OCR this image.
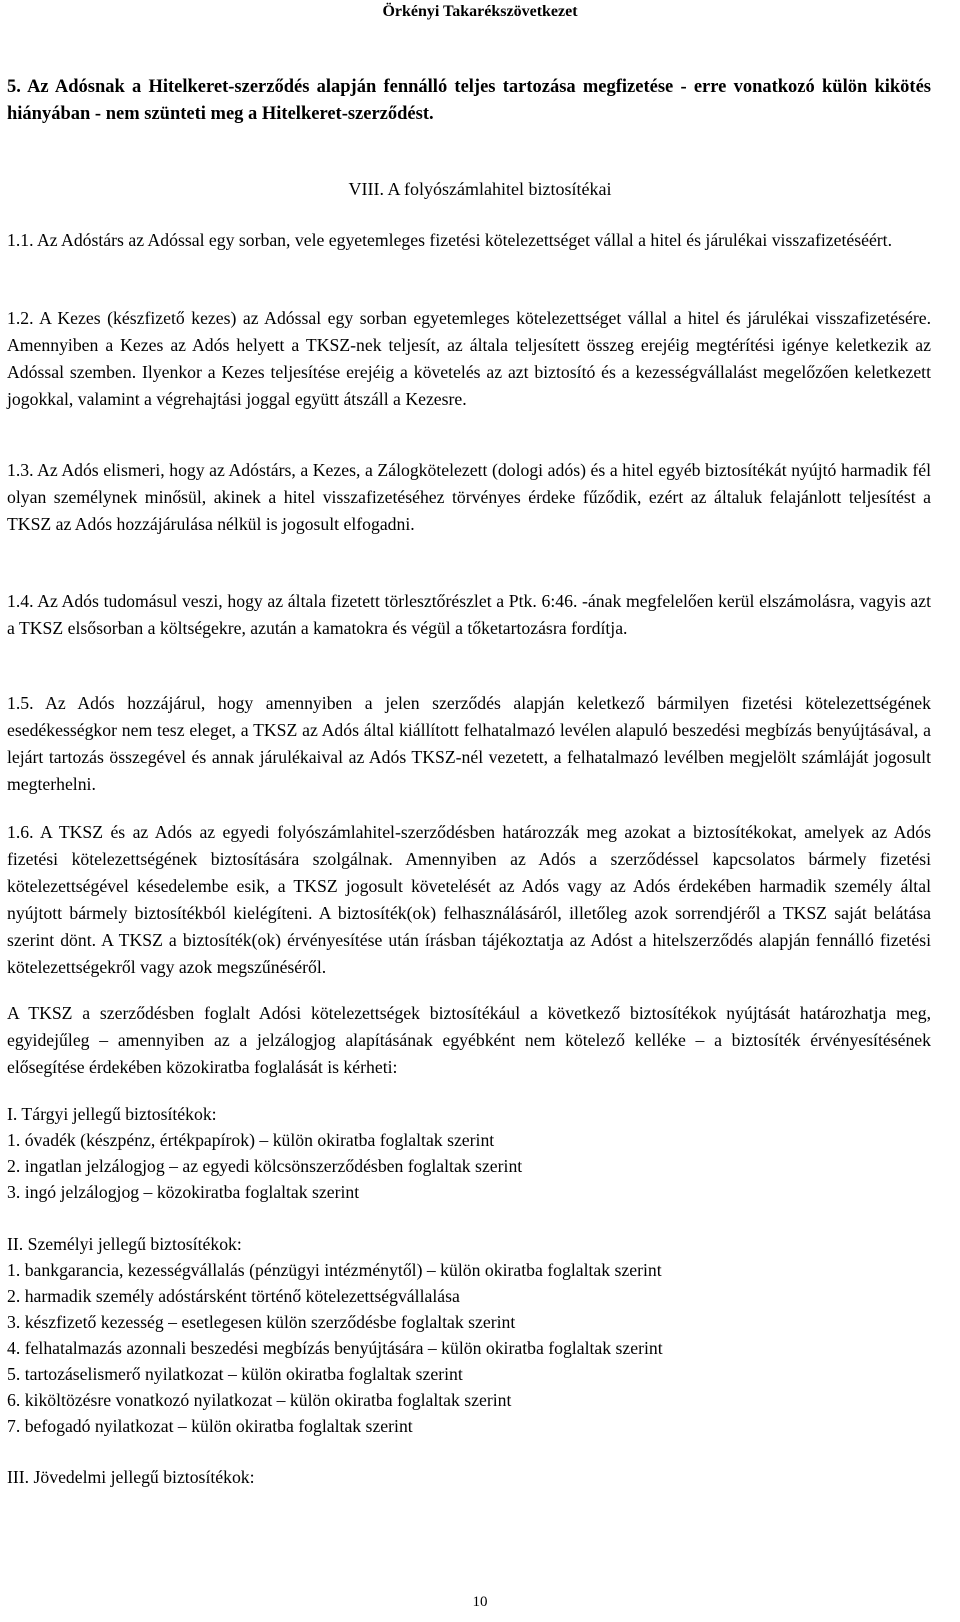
Örkényi Takarékszövetkezet

5. Az Adósnak a Hitelkeret-szerződés alapján fennálló teljes tartozása megfizetése - erre vonatkozó külön kikötés hiányában - nem szünteti meg a Hitelkeret-szerződést.

VIII. A folyószámlahitel biztosítékai

1.1. Az Adóstárs az Adóssal egy sorban, vele egyetemleges fizetési kötelezettséget vállal a hitel és járulékai visszafizetéséért.

1.2. A Kezes (készfizető kezes) az Adóssal egy sorban egyetemleges kötelezettséget vállal a hitel és járulékai visszafizetésére. Amennyiben a Kezes az Adós helyett a TKSZ-nek teljesít, az általa teljesített összeg erejéig megtérítési igénye keletkezik az Adóssal szemben. Ilyenkor a Kezes teljesítése erejéig a követelés az azt biztosító és a kezességvállalást megelőzően keletkezett jogokkal, valamint a végrehajtási joggal együtt átszáll a Kezesre.

1.3. Az Adós elismeri, hogy az Adóstárs, a Kezes, a Zálogkötelezett (dologi adós) és a hitel egyéb biztosítékát nyújtó harmadik fél olyan személynek minősül, akinek a hitel visszafizetéséhez törvényes érdeke fűződik, ezért az általuk felajánlott teljesítést a TKSZ az Adós hozzájárulása nélkül is jogosult elfogadni.

1.4. Az Adós tudomásul veszi, hogy az általa fizetett törlesztőrészlet a Ptk. 6:46. -ának megfelelően kerül elszámolásra, vagyis azt a TKSZ elsősorban a költségekre, azután a kamatokra és végül a tőketartozásra fordítja.

1.5. Az Adós hozzájárul, hogy amennyiben a jelen szerződés alapján keletkező bármilyen fizetési kötelezettségének esedékességkor nem tesz eleget, a TKSZ az Adós által kiállított felhatalmazó levélen alapuló beszedési megbízás benyújtásával, a lejárt tartozás összegével és annak járulékaival az Adós TKSZ-nél vezetett, a felhatalmazó levélben megjelölt számláját jogosult megterhelni.

1.6. A TKSZ és az Adós az egyedi folyószámlahitel-szerződésben határozzák meg azokat a biztosítékokat, amelyek az Adós fizetési kötelezettségének biztosítására szolgálnak. Amennyiben az Adós a szerződéssel kapcsolatos bármely fizetési kötelezettségével késedelembe esik, a TKSZ jogosult követelését az Adós vagy az Adós érdekében harmadik személy által nyújtott bármely biztosítékból kielégíteni. A biztosíték(ok) felhasználásáról, illetőleg azok sorrendjéről a TKSZ saját belátása szerint dönt. A TKSZ a biztosíték(ok) érvényesítése után írásban tájékoztatja az Adóst a hitelszerződés alapján fennálló fizetési kötelezettségekről vagy azok megszűnéséről.

A TKSZ a szerződésben foglalt Adósi kötelezettségek biztosítékául a következő biztosítékok nyújtását határozhatja meg, egyidejűleg – amennyiben az a jelzálogjog alapításának egyébként nem kötelező kelléke – a biztosíték érvényesítésének elősegítése érdekében közokiratba foglalását is kérheti:

I. Tárgyi jellegű biztosítékok:
1. óvadék (készpénz, értékpapírok) – külön okiratba foglaltak szerint
2. ingatlan jelzálogjog – az egyedi kölcsönszerződésben foglaltak szerint
3. ingó jelzálogjog – közokiratba foglaltak szerint
II. Személyi jellegű biztosítékok:
1. bankgarancia, kezességvállalás (pénzügyi intézménytől) – külön okiratba foglaltak szerint
2. harmadik személy adóstársként történő kötelezettségvállalása
3. készfizető kezesség – esetlegesen külön szerződésbe foglaltak szerint
4. felhatalmazás azonnali beszedési megbízás benyújtására – külön okiratba foglaltak szerint
5. tartozáselismerő nyilatkozat – külön okiratba foglaltak szerint
6. kiköltözésre vonatkozó nyilatkozat – külön okiratba foglaltak szerint
7. befogadó nyilatkozat – külön okiratba foglaltak szerint
III. Jövedelmi jellegű biztosítékok:
10
